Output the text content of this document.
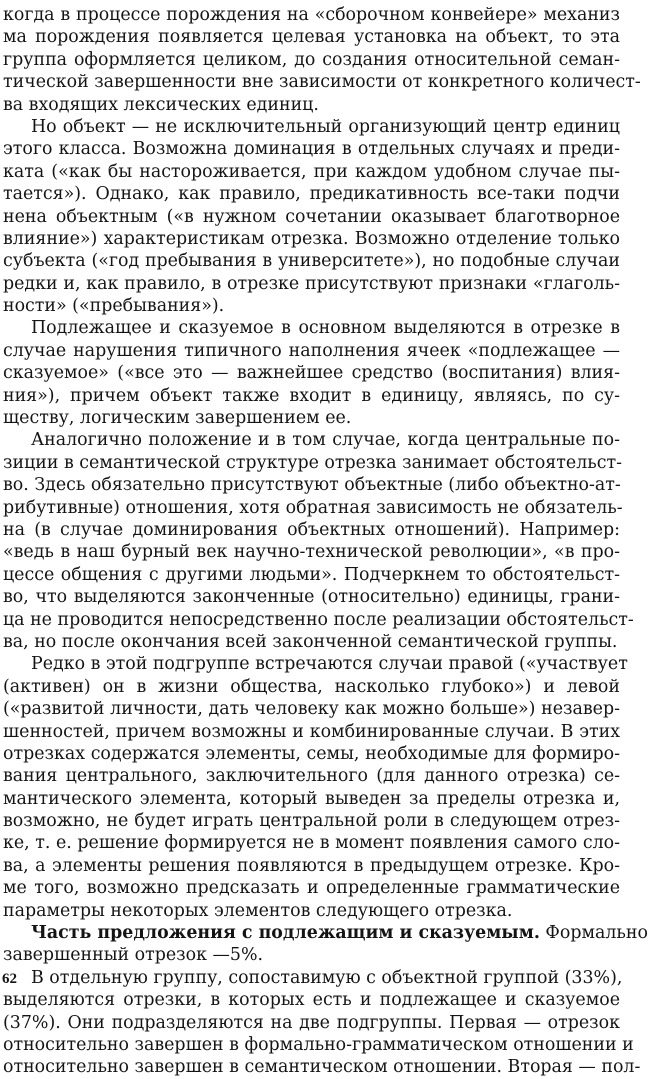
когда в процессе порождения на «сборочном конвейере» механиз
ма порождения появляется целевая установка на объект, то эта
группа оформляется целиком, до создания относительной семан-
тической завершенности вне зависимости от конкретного количест-
ва входящих лексических единиц.
Но объект — не исключительный организующий центр единиц
этого класса. Возможна доминация в отдельных случаях и преди-
ката («как бы настороживается, при каждом удобном случае пы-
тается»). Однако, как правило, предикативность все-таки подчи
нена объектным («в нужном сочетании оказывает благотворное
влияние») характеристикам отрезка. Возможно отделение только
субъекта («год пребывания в университете»), но подобные случаи
редки и, как правило, в отрезке присутствуют признаки «глаголь-
ности» («пребывания»).
Подлежащее и сказуемое в основном выделяются в отрезке в
случае нарушения типичного наполнения ячеек «подлежащее —
сказуемое» («все это — важнейшее средство (воспитания) влия-
ния»), причем объект также входит в единицу, являясь, по су-
ществу, логическим завершением ее.
Аналогично положение и в том случае, когда центральные по-
зиции в семантической структуре отрезка занимает обстоятельст-
во. Здесь обязательно присутствуют объектные (либо объектно-ат-
рибутивные) отношения, хотя обратная зависимость не обязатель-
на (в случае доминирования объектных отношений). Например:
«ведь в наш бурный век научно-технической революции», «в про-
цессе общения с другими людьми». Подчеркнем то обстоятельст-
во, что выделяются законченные (относительно) единицы, грани-
ца не проводится непосредственно после реализации обстоятельст-
ва, но после окончания всей законченной семантической группы.
Редко в этой подгруппе встречаются случаи правой («участвует
(активен) он в жизни общества, насколько глубоко») и левой
(«развитой личности, дать человеку как можно больше») незавер-
шенностей, причем возможны и комбинированные случаи. В этих
отрезках содержатся элементы, семы, необходимые для формиро-
вания центрального, заключительного (для данного отрезка) се-
мантического элемента, который выведен за пределы отрезка и,
возможно, не будет играть центральной роли в следующем отрез-
ке, т. е. решение формируется не в момент появления самого сло-
ва, а элементы решения появляются в предыдущем отрезке. Кро-
ме того, возможно предсказать и определенные грамматические
параметры некоторых элементов следующего отрезка.
Часть предложения с подлежащим и сказуемым. Формально
завершенный отрезок —5%.
В отдельную группу, сопоставимую с объектной группой (33%),
выделяются отрезки, в которых есть и подлежащее и сказуемое
(37%). Они подразделяются на две подгруппы. Первая — отрезок
относительно завершен в формально-грамматическом отношении и
относительно завершен в семантическом отношении. Вторая — пол-
62
